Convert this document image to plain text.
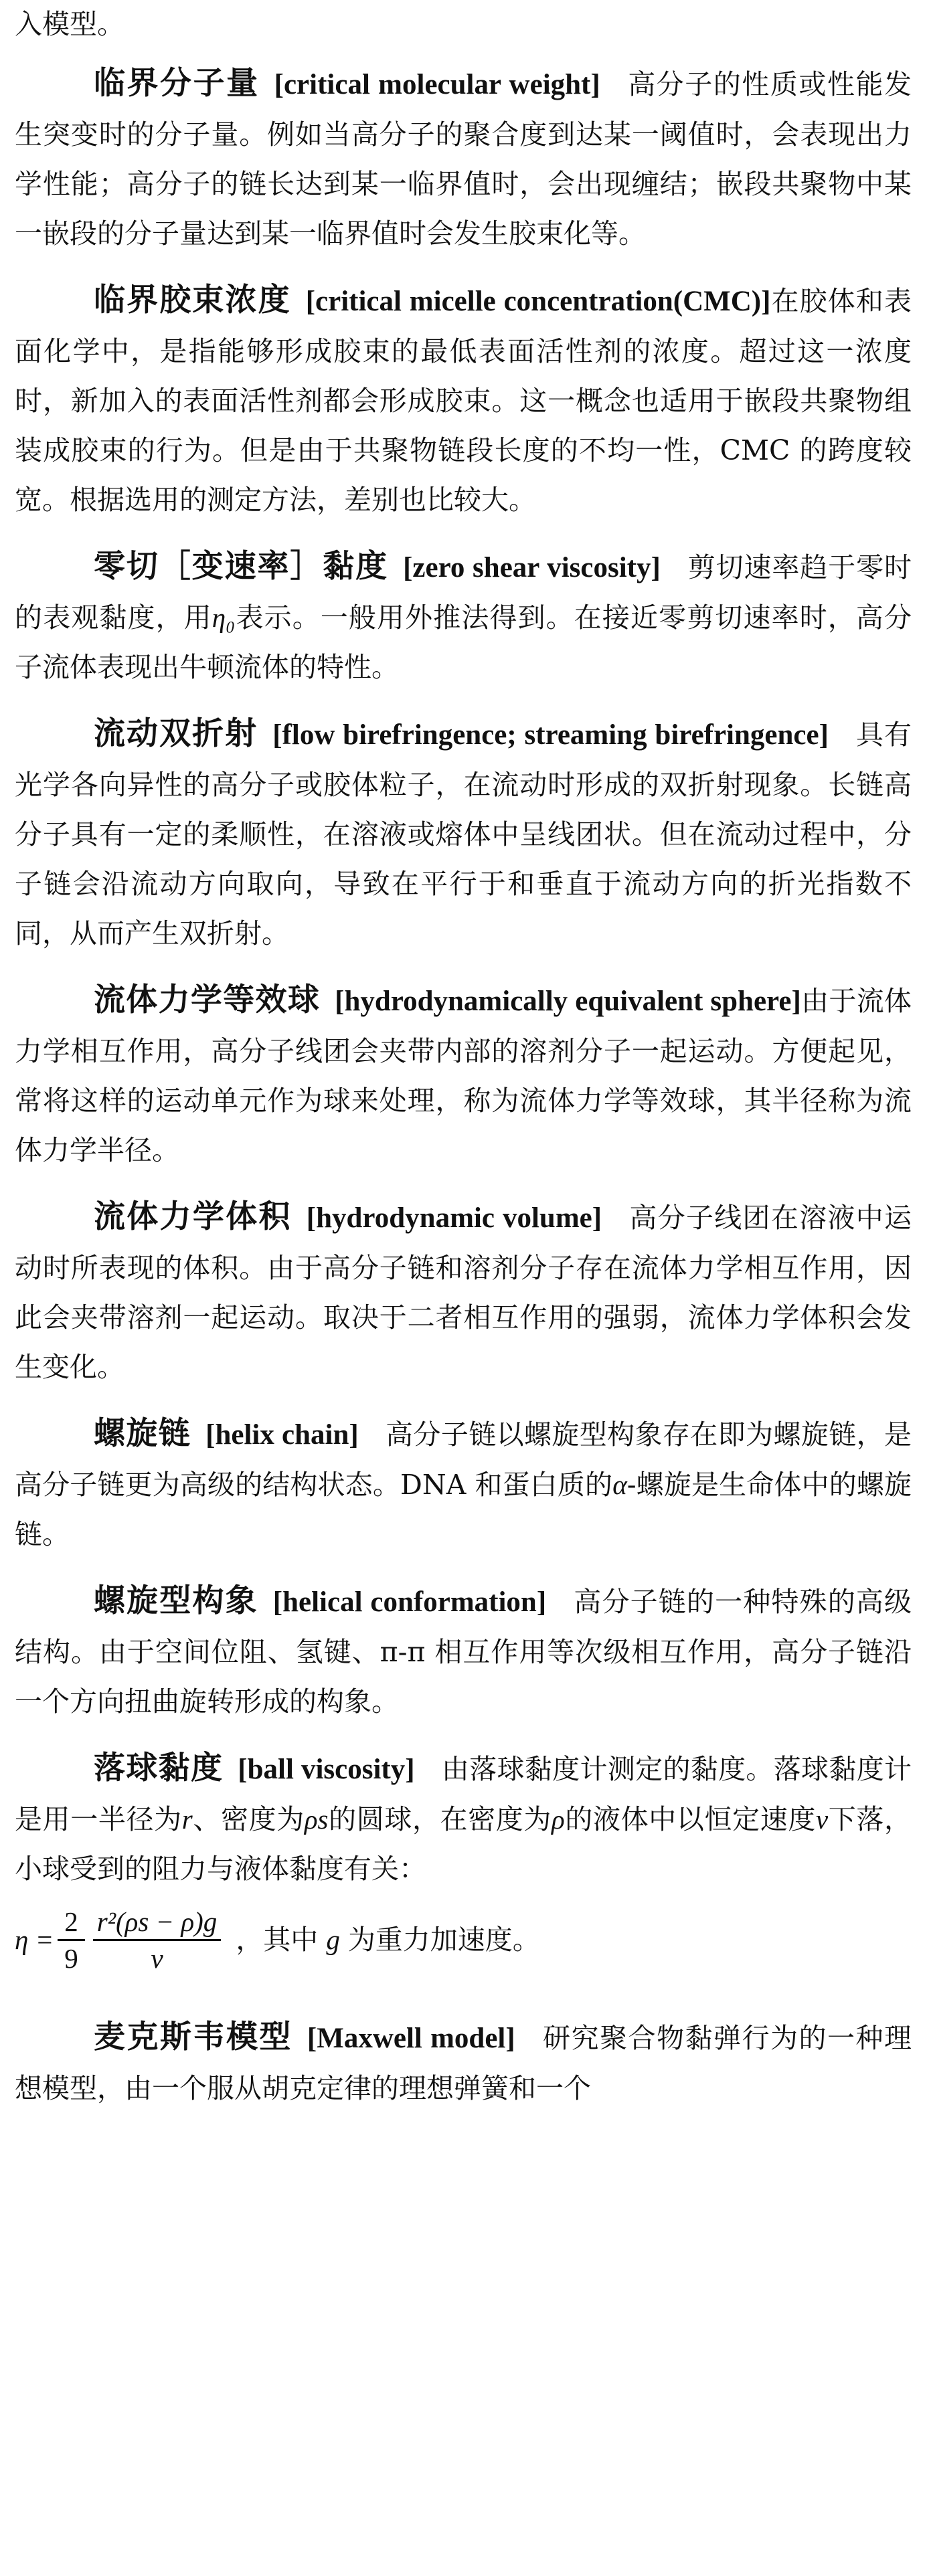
入模型。

临界分子量 [critical molecular weight] 高分子的性质或性能发生突变时的分子量。例如当高分子的聚合度到达某一阈值时，会表现出力学性能；高分子的链长达到某一临界值时，会出现缠结；嵌段共聚物中某一嵌段的分子量达到某一临界值时会发生胶束化等。

临界胶束浓度 [critical micelle concentration(CMC)]在胶体和表面化学中，是指能够形成胶束的最低表面活性剂的浓度。超过这一浓度时，新加入的表面活性剂都会形成胶束。这一概念也适用于嵌段共聚物组装成胶束的行为。但是由于共聚物链段长度的不均一性，CMC 的跨度较宽。根据选用的测定方法，差别也比较大。

零切［变速率］黏度 [zero shear viscosity] 剪切速率趋于零时的表观黏度，用η₀表示。一般用外推法得到。在接近零剪切速率时，高分子流体表现出牛顿流体的特性。

流动双折射 [flow birefringence; streaming birefringence] 具有光学各向异性的高分子或胶体粒子，在流动时形成的双折射现象。长链高分子具有一定的柔顺性，在溶液或熔体中呈线团状。但在流动过程中，分子链会沿流动方向取向，导致在平行于和垂直于流动方向的折光指数不同，从而产生双折射。

流体力学等效球 [hydrodynamically equivalent sphere]由于流体力学相互作用，高分子线团会夹带内部的溶剂分子一起运动。方便起见，常将这样的运动单元作为球来处理，称为流体力学等效球，其半径称为流体力学半径。

流体力学体积 [hydrodynamic volume] 高分子线团在溶液中运动时所表现的体积。由于高分子链和溶剂分子存在流体力学相互作用，因此会夹带溶剂一起运动。取决于二者相互作用的强弱，流体力学体积会发生变化。

螺旋链 [helix chain] 高分子链以螺旋型构象存在即为螺旋链，是高分子链更为高级的结构状态。DNA 和蛋白质的α-螺旋是生命体中的螺旋链。

螺旋型构象 [helical conformation] 高分子链的一种特殊的高级结构。由于空间位阻、氢键、π-π 相互作用等次级相互作用，高分子链沿一个方向扭曲旋转形成的构象。

落球黏度 [ball viscosity] 由落球黏度计测定的黏度。落球黏度计是用一半径为r、密度为ρs的圆球，在密度为ρ的液体中以恒定速度v下落，小球受到的阻力与液体黏度有关：
$\eta = \frac{2}{9} \frac{\text{r²(ρs − ρ)g}}{v}$ ，其中 g 为重力加速度。

麦克斯韦模型 [Maxwell model] 研究聚合物黏弹行为的一种理想模型，由一个服从胡克定律的理想弹簧和一个
